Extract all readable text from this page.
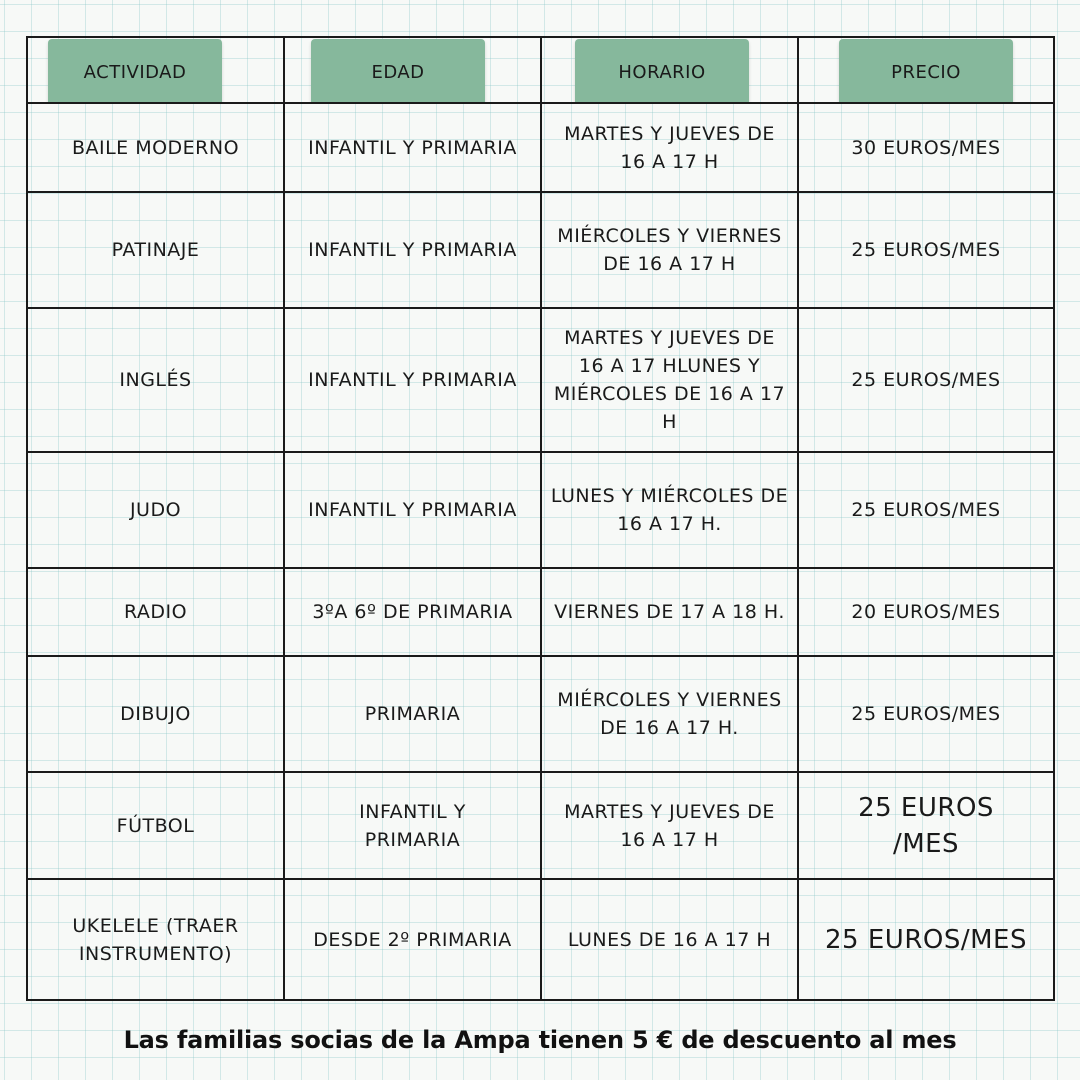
ACTIVIDAD	EDAD	HORARIO	PRECIO

BAILE MODERNO	INFANTIL Y PRIMARIA	MARTES Y JUEVES DE 16 A 17 H	30 EUROS/MES
PATINAJE	INFANTIL Y PRIMARIA	MIÉRCOLES Y VIERNES DE 16 A 17 H	25 EUROS/MES
INGLÉS	INFANTIL Y PRIMARIA	MARTES Y JUEVES DE 16 A 17 HLUNES Y MIÉRCOLES DE 16 A 17 H	25 EUROS/MES
JUDO	INFANTIL Y PRIMARIA	LUNES Y MIÉRCOLES DE 16 A 17 H.	25 EUROS/MES
RADIO	3ºA 6º DE PRIMARIA	VIERNES DE 17 A 18 H.	20 EUROS/MES
DIBUJO	PRIMARIA	MIÉRCOLES Y VIERNES DE 16 A 17 H.	25 EUROS/MES
FÚTBOL	INFANTIL Y PRIMARIA	MARTES Y JUEVES DE 16 A 17 H	25 EUROS /MES
UKELELE (TRAER INSTRUMENTO)	DESDE 2º PRIMARIA	LUNES DE 16 A 17 H	25 EUROS/MES
Las familias socias de la Ampa tienen 5 € de descuento al mes
